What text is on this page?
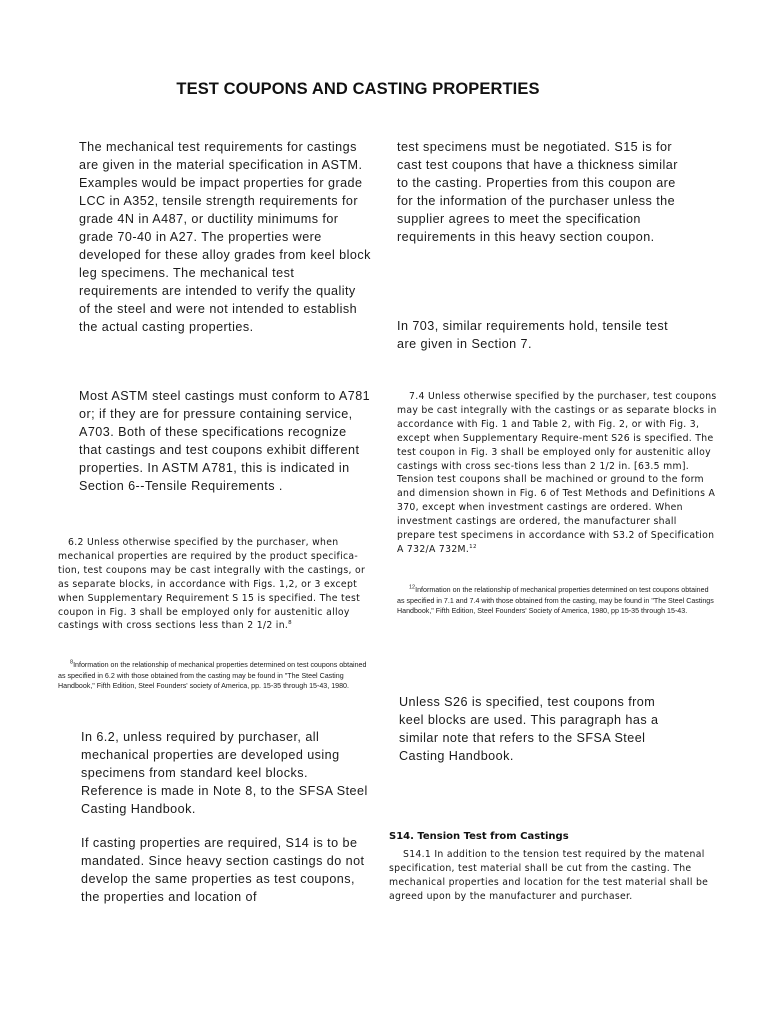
TEST COUPONS AND CASTING PROPERTIES

The mechanical test requirements for castings are given in the material specification in ASTM. Examples would be impact properties for grade LCC in A352, tensile strength requirements for grade 4N in A487, or ductility minimums for grade 70-40 in A27. The properties were developed for these alloy grades from keel block leg specimens. The mechanical test requirements are intended to verify the quality of the steel and were not intended to establish the actual casting properties.

Most ASTM steel castings must conform to A781 or; if they are for pressure containing service, A703. Both of these specifications recognize that castings and test coupons exhibit different properties. In ASTM A781, this is indicated in Section 6--Tensile Requirements .

6.2 Unless otherwise specified by the purchaser, when mechanical properties are required by the product specifica-tion, test coupons may be cast integrally with the castings, or as separate blocks, in accordance with Figs. 1,2, or 3 except when Supplementary Requirement S 15 is specified. The test coupon in Fig. 3 shall be employed only for austenitic alloy castings with cross sections less than 2 1/2 in.$^8$

$^8$Information on the relationship of mechanical properties determined on test coupons obtained as specified in 6.2 with those obtained from the casting may be found in "The Steel Casting Handbook," Fifth Edition, Steel Founders' society of America, pp. 15-35 through 15-43, 1980.

In 6.2, unless required by purchaser, all mechanical properties are developed using specimens from standard keel blocks. Reference is made in Note 8, to the SFSA Steel Casting Handbook.

If casting properties are required, S14 is to be mandated. Since heavy section castings do not develop the same properties as test coupons, the properties and location of

test specimens must be negotiated. S15 is for cast test coupons that have a thickness similar to the casting. Properties from this coupon are for the information of the purchaser unless the supplier agrees to meet the specification requirements in this heavy section coupon.

In 703, similar requirements hold, tensile test are given in Section 7.

7.4 Unless otherwise specified by the purchaser, test coupons may be cast integrally with the castings or as separate blocks in accordance with Fig. 1 and Table 2, with Fig. 2, or with Fig. 3, except when Supplementary Require-ment S26 is specified. The test coupon in Fig. 3 shall be employed only for austenitic alloy castings with cross sec-tions less than 2 1/2 in. [63.5 mm]. Tension test coupons shall be machined or ground to the form and dimension shown in Fig. 6 of Test Methods and Definitions A 370, except when investment castings are ordered. When investment castings are ordered, the manufacturer shall prepare test specimens in accordance with S3.2 of Specification A 732/A 732M.$^{12}$

$^{12}$Information on the relationship of mechanical properties determined on test coupons obtained as specified in 7.1 and 7.4 with those obtained from the casting, may be found in "The Steel Castings Handbook," Fifth Edition, Steel Founders' Society of America, 1980, pp 15-35 through 15-43.

Unless S26 is specified, test coupons from keel blocks are used. This paragraph has a similar note that refers to the SFSA Steel Casting Handbook.

S14. Tension Test from Castings

S14.1 In addition to the tension test required by the matenal specification, test material shall be cut from the casting. The mechanical properties and location for the test material shall be agreed upon by the manufacturer and purchaser.
